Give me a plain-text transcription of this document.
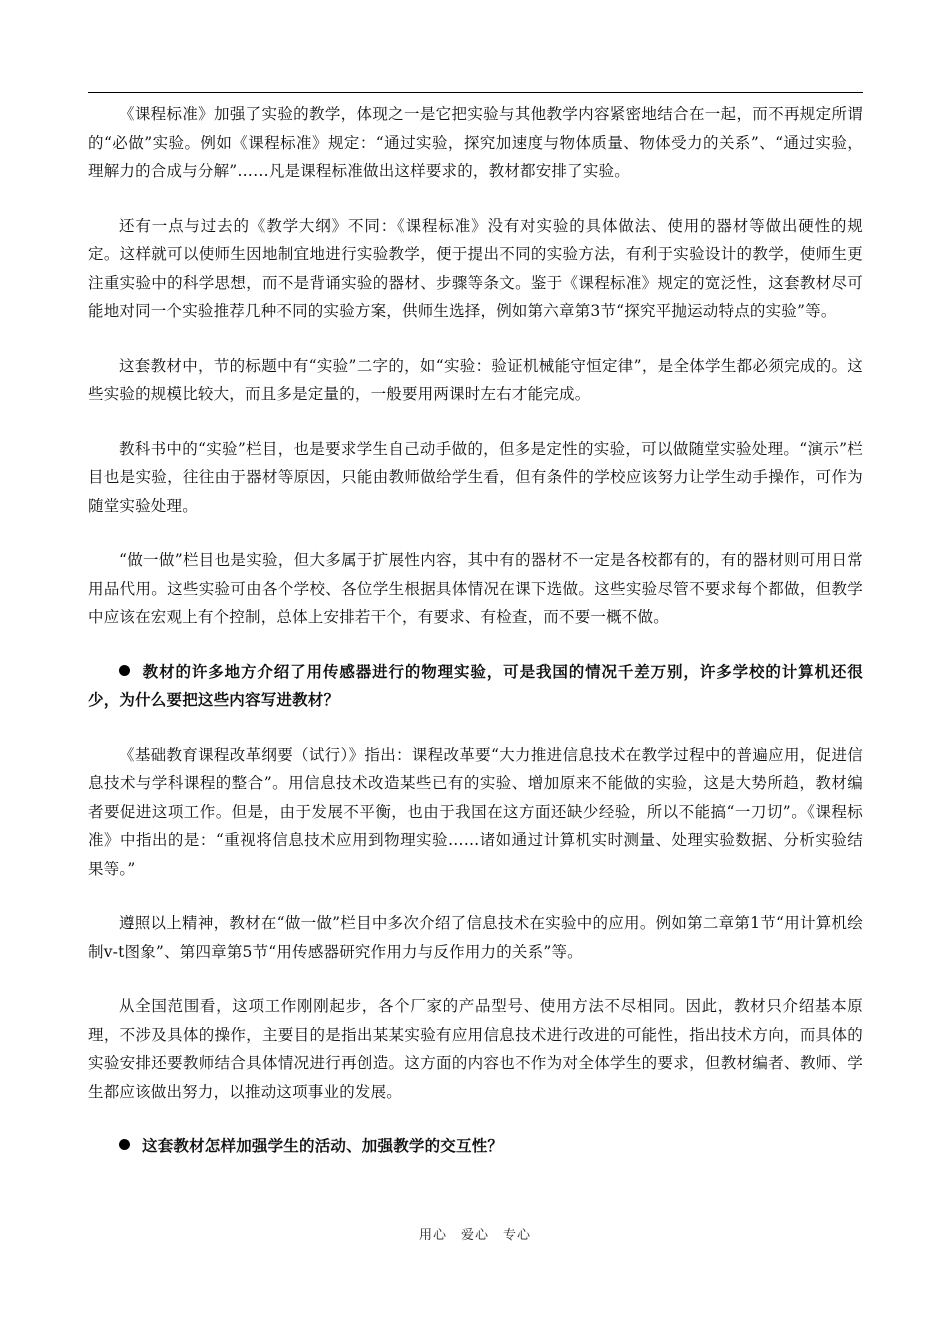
《课程标准》加强了实验的教学，体现之一是它把实验与其他教学内容紧密地结合在一起，而不再规定所谓的“必做”实验。例如《课程标准》规定：“通过实验，探究加速度与物体质量、物体受力的关系”、“通过实验，理解力的合成与分解”……凡是课程标准做出这样要求的，教材都安排了实验。

还有一点与过去的《教学大纲》不同：《课程标准》没有对实验的具体做法、使用的器材等做出硬性的规定。这样就可以使师生因地制宜地进行实验教学，便于提出不同的实验方法，有利于实验设计的教学，使师生更注重实验中的科学思想，而不是背诵实验的器材、步骤等条文。鉴于《课程标准》规定的宽泛性，这套教材尽可能地对同一个实验推荐几种不同的实验方案，供师生选择，例如第六章第3节“探究平抛运动特点的实验”等。

这套教材中，节的标题中有“实验”二字的，如“实验：验证机械能守恒定律”，是全体学生都必须完成的。这些实验的规模比较大，而且多是定量的，一般要用两课时左右才能完成。

教科书中的“实验”栏目，也是要求学生自己动手做的，但多是定性的实验，可以做随堂实验处理。“演示”栏目也是实验，往往由于器材等原因，只能由教师做给学生看，但有条件的学校应该努力让学生动手操作，可作为随堂实验处理。

“做一做”栏目也是实验，但大多属于扩展性内容，其中有的器材不一定是各校都有的，有的器材则可用日常用品代用。这些实验可由各个学校、各位学生根据具体情况在课下选做。这些实验尽管不要求每个都做，但教学中应该在宏观上有个控制，总体上安排若干个，有要求、有检查，而不要一概不做。

教材的许多地方介绍了用传感器进行的物理实验，可是我国的情况千差万别，许多学校的计算机还很少，为什么要把这些内容写进教材？

《基础教育课程改革纲要（试行）》指出：课程改革要“大力推进信息技术在教学过程中的普遍应用，促进信息技术与学科课程的整合”。用信息技术改造某些已有的实验、增加原来不能做的实验，这是大势所趋，教材编者要促进这项工作。但是，由于发展不平衡，也由于我国在这方面还缺少经验，所以不能搞“一刀切”。《课程标准》中指出的是：“重视将信息技术应用到物理实验……诸如通过计算机实时测量、处理实验数据、分析实验结果等。”

遵照以上精神，教材在“做一做”栏目中多次介绍了信息技术在实验中的应用。例如第二章第1节“用计算机绘制v-t图象”、第四章第5节“用传感器研究作用力与反作用力的关系”等。

从全国范围看，这项工作刚刚起步，各个厂家的产品型号、使用方法不尽相同。因此，教材只介绍基本原理，不涉及具体的操作，主要目的是指出某某实验有应用信息技术进行改进的可能性，指出技术方向，而具体的实验安排还要教师结合具体情况进行再创造。这方面的内容也不作为对全体学生的要求，但教材编者、教师、学生都应该做出努力，以推动这项事业的发展。

这套教材怎样加强学生的活动、加强教学的交互性？

用心　爱心　专心
